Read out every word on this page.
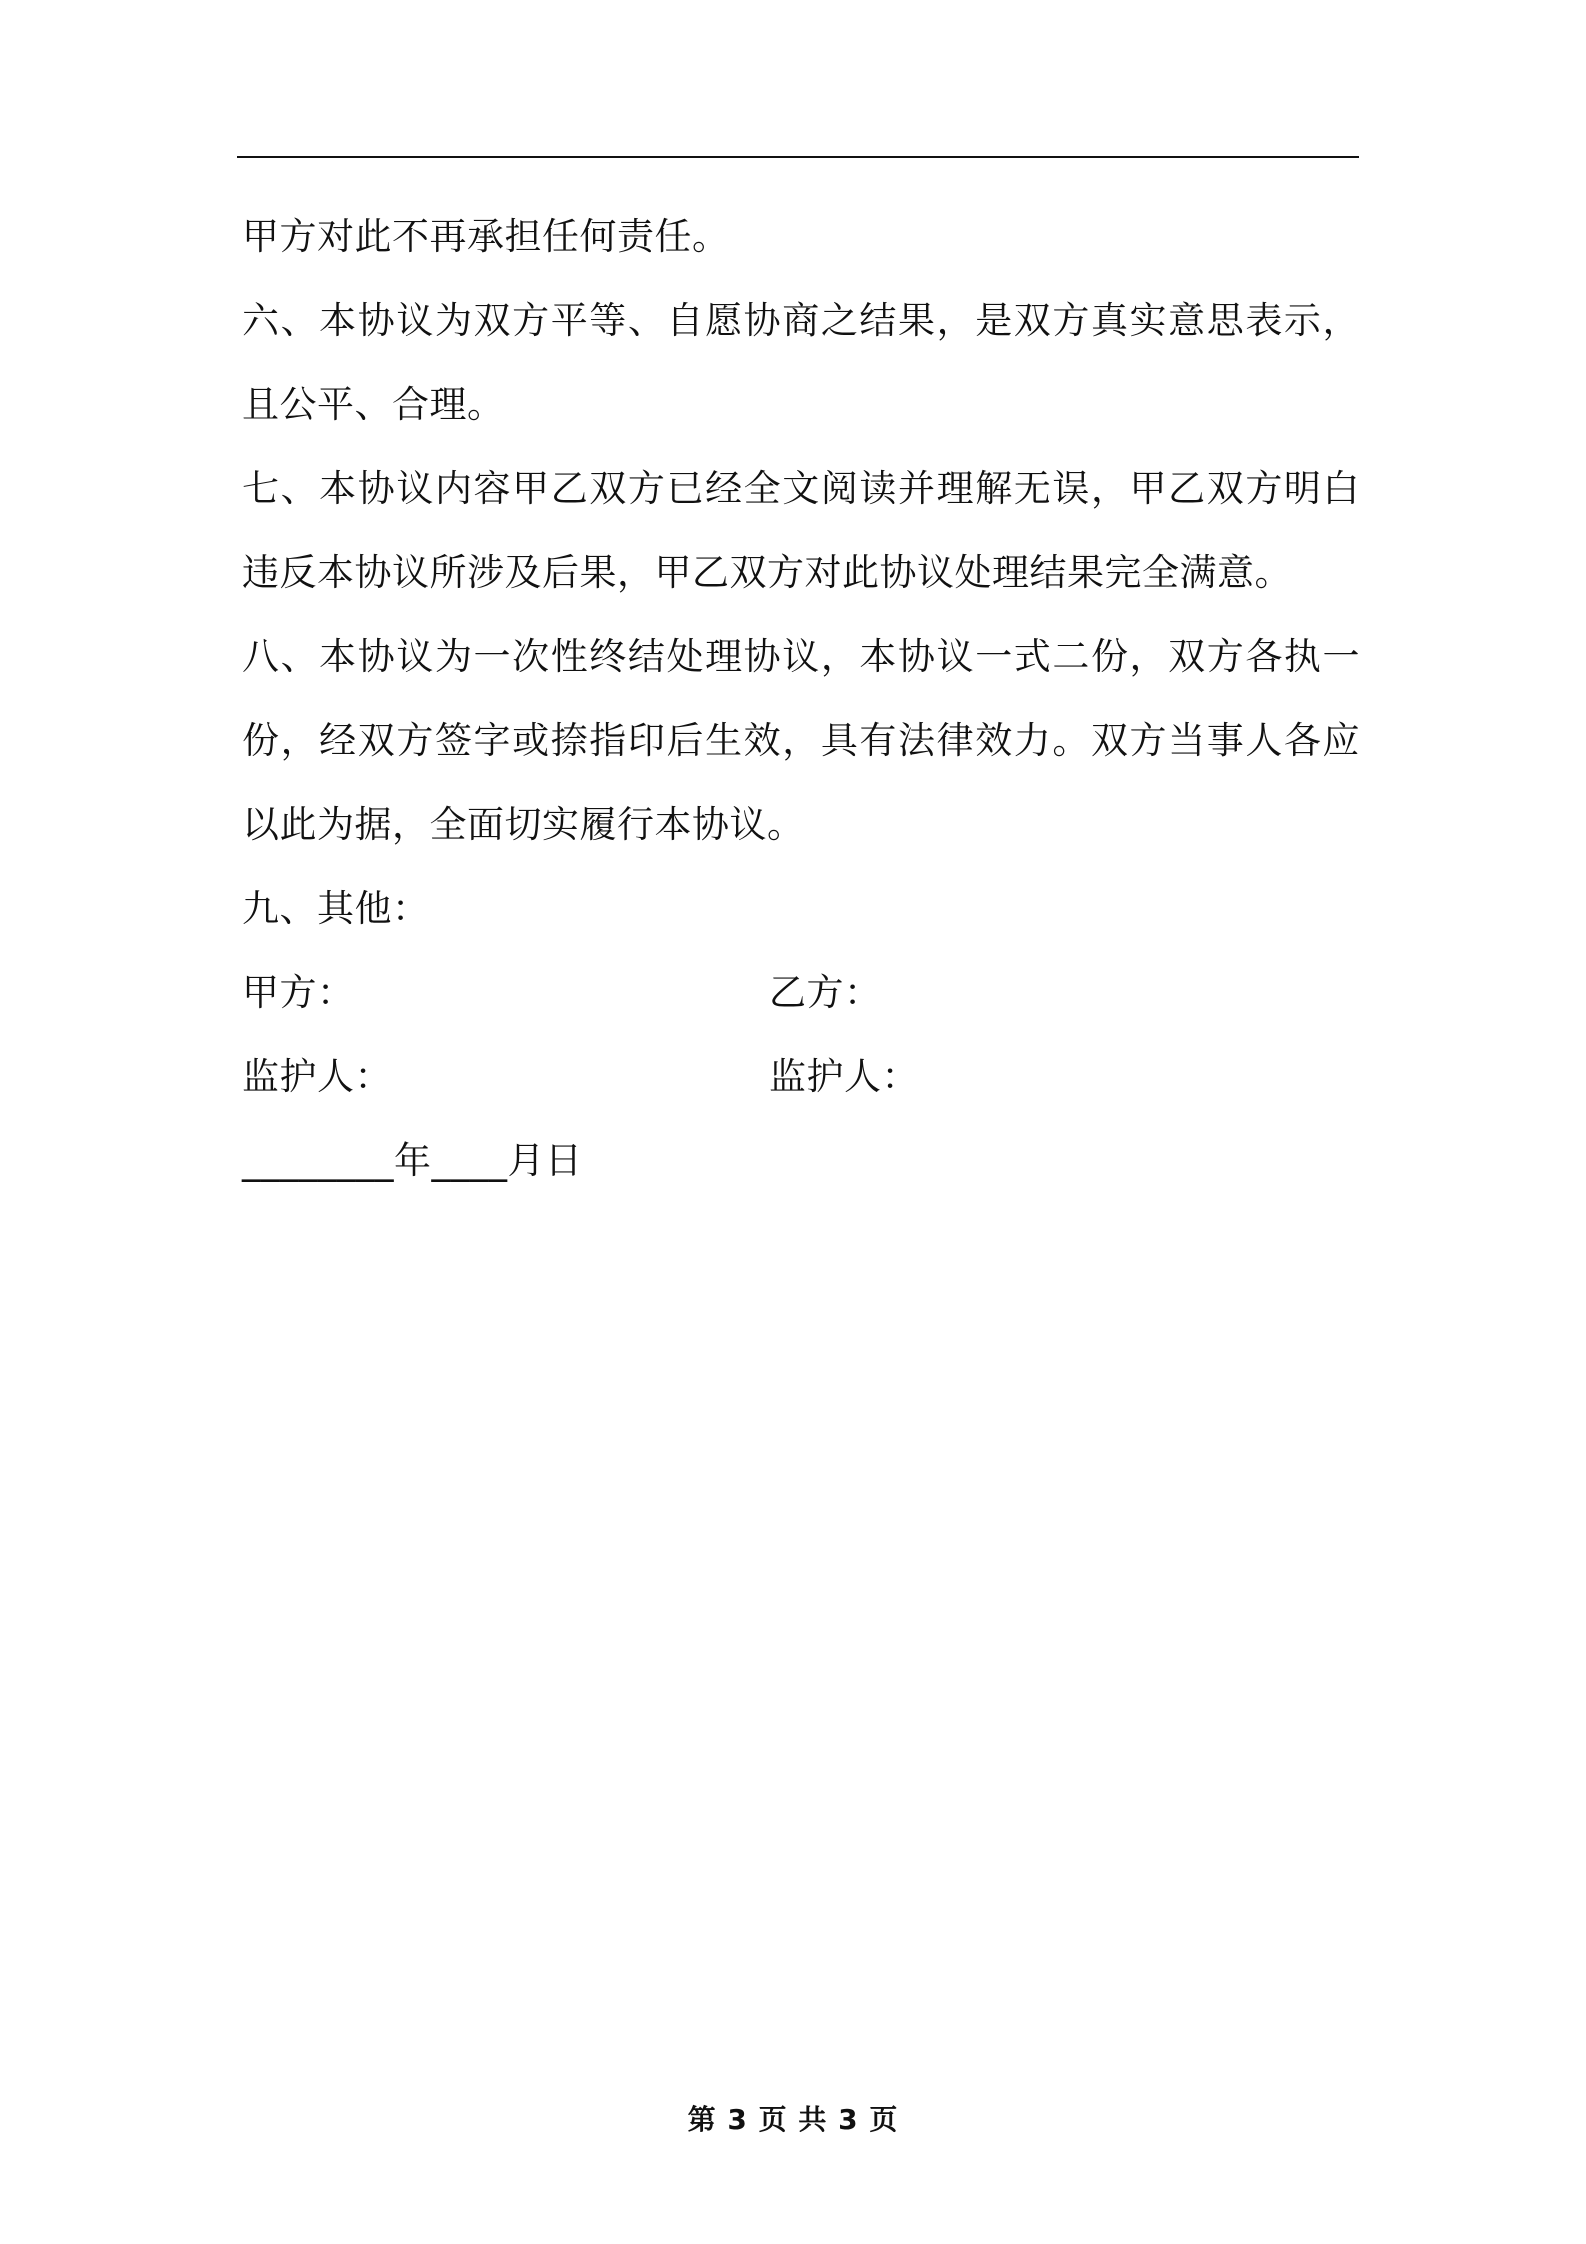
甲方对此不再承担任何责任。

六、本协议为双方平等、自愿协商之结果，是双方真实意思表示，且公平、合理。

七、本协议内容甲乙双方已经全文阅读并理解无误，甲乙双方明白违反本协议所涉及后果，甲乙双方对此协议处理结果完全满意。

八、本协议为一次性终结处理协议，本协议一式二份，双方各执一份，经双方签字或捺指印后生效，具有法律效力。双方当事人各应以此为据，全面切实履行本协议。

九、其他：

甲方：	乙方：
监护人：	监护人：

________年____月日

第 3 页 共 3 页
